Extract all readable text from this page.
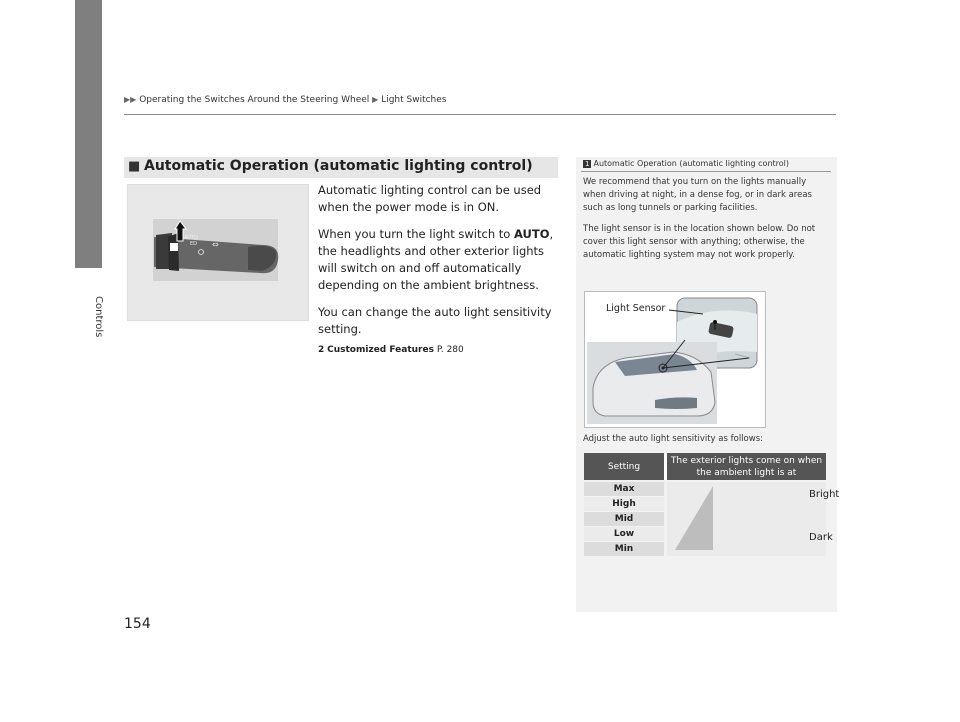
Controls
▶▶ Operating the Switches Around the Steering Wheel ▶ Light Switches
■ Automatic Operation (automatic lighting control)
AUTO
ED ⇔

Automatic lighting control can be used when the power mode is in ON.

When you turn the light switch to AUTO, the headlights and other exterior lights will switch on and off automatically depending on the ambient brightness.

You can change the auto light sensitivity setting.

2 Customized Features P. 280
1 Automatic Operation (automatic lighting control)

We recommend that you turn on the lights manually when driving at night, in a dense fog, or in dark areas such as long tunnels or parking facilities.

The light sensor is in the location shown below. Do not cover this light sensor with anything; otherwise, the automatic lighting system may not work properly.

Light Sensor
Adjust the auto light sensitivity as follows:
Setting
The exterior lights come on when the ambient light is at
Max
High
Mid
Low
Min
Bright
Dark
154
